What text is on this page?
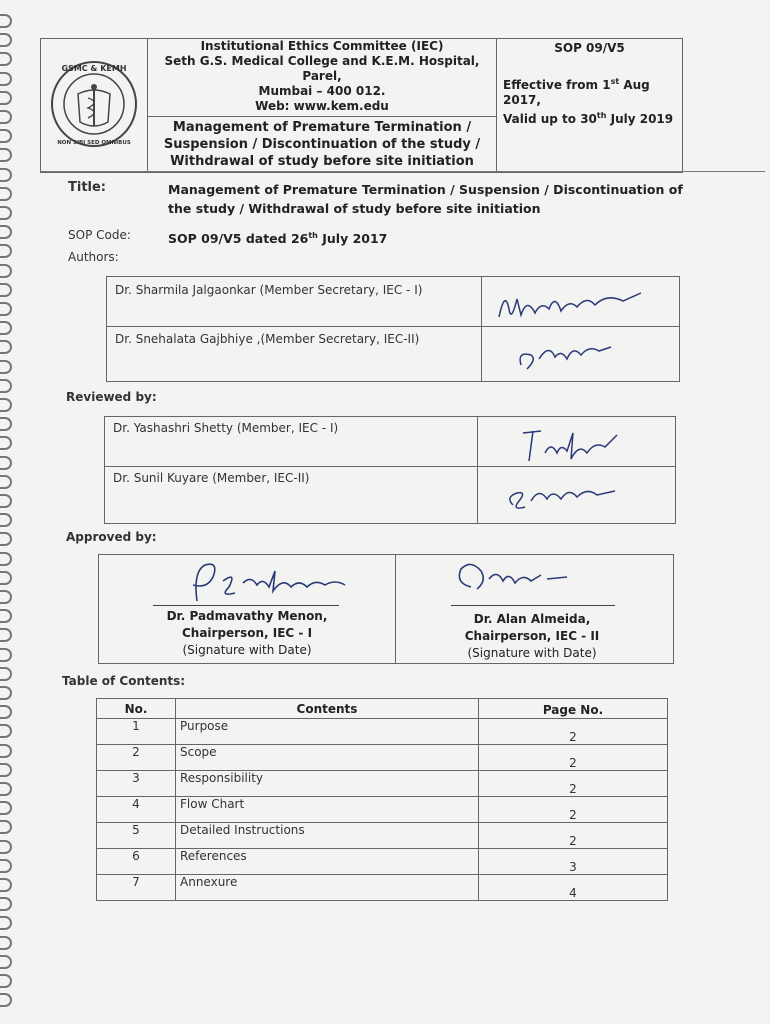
GSMC & KEMH
NON SIBI SED OMNIBUS

Institutional Ethics Committee (IEC)
Seth G.S. Medical College and K.E.M. Hospital, Parel,
Mumbai – 400 012.
Web: www.kem.edu

SOP 09/V5
Effective from 1st Aug 2017,
Valid up to 30th July 2019

Management of Premature Termination /
Suspension / Discontinuation of the study /
Withdrawal of study before site initiation
Title:	Management of Premature Termination / Suspension / Discontinuation of
the study / Withdrawal of study before site initiation
SOP Code:	SOP 09/V5 dated 26th July 2017
Authors:
Dr. Sharmila Jalgaonkar (Member Secretary, IEC - I)
Dr. Snehalata Gajbhiye ,(Member Secretary, IEC-II)
Reviewed by:
Dr. Yashashri Shetty (Member, IEC - I)
Dr. Sunil Kuyare (Member, IEC-II)
Approved by:
Dr. Padmavathy Menon,
Chairperson, IEC - I
(Signature with Date)
Dr. Alan Almeida,
Chairperson, IEC - II
(Signature with Date)
Table of Contents:
No.	Contents	Page No.
1	Purpose	2
2	Scope	2
3	Responsibility	2
4	Flow Chart	2
5	Detailed Instructions	2
6	References	3
7	Annexure	4
